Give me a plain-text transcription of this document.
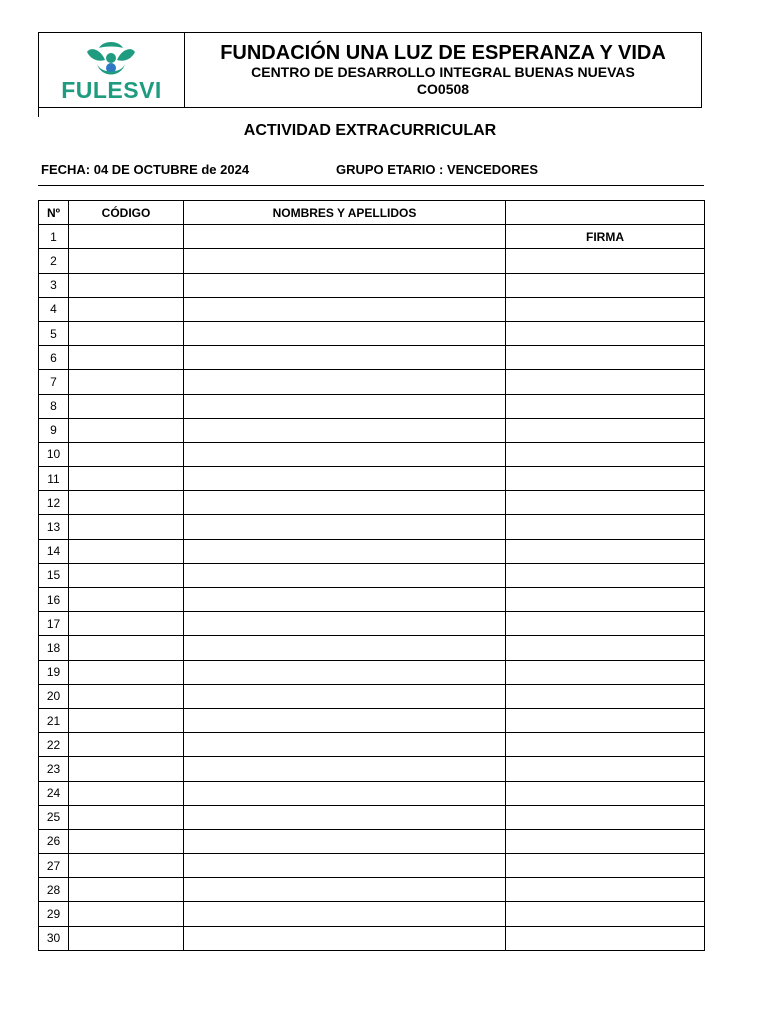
FULESVI
FUNDACIÓN UNA LUZ DE ESPERANZA Y VIDA
CENTRO DE DESARROLLO INTEGRAL BUENAS NUEVAS
CO0508
ACTIVIDAD EXTRACURRICULAR
FECHA: 04 DE OCTUBRE de 2024	GRUPO ETARIO : VENCEDORES
Nº	CÓDIGO	NOMBRES Y APELLIDOS	
1			FIRMA
2			
3			
4			
5			
6			
7			
8			
9			
10			
11			
12			
13			
14			
15			
16			
17			
18			
19			
20			
21			
22			
23			
24			
25			
26			
27			
28			
29			
30			
